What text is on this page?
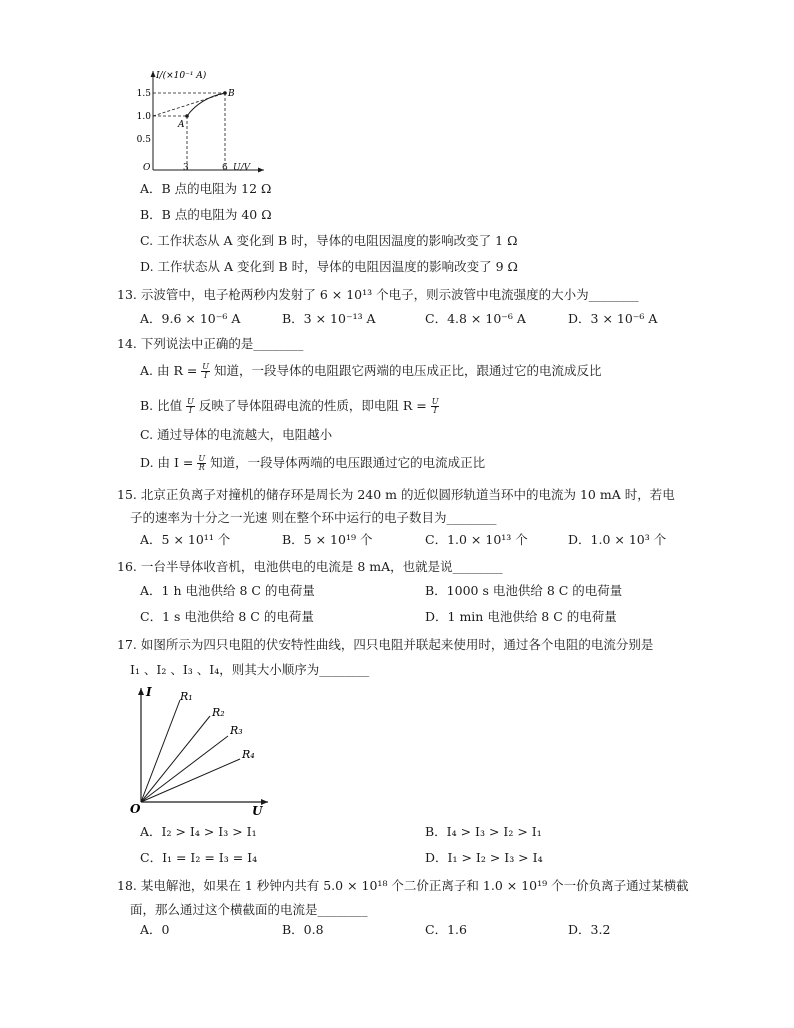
I/(×10⁻¹ A)
1.5
1.0
0.5
O
A
B
3	6 U/V
A．B 点的电阻为 12 Ω
B．B 点的电阻为 40 Ω
C. 工作状态从 A 变化到 B 时，导体的电阻因温度的影响改变了 1 Ω
D. 工作状态从 A 变化到 B 时，导体的电阻因温度的影响改变了 9 Ω
13. 示波管中，电子枪两秒内发射了 6 × 10¹³ 个电子，则示波管中电流强度的大小为________
A．9.6 × 10⁻⁶ A	B．3 × 10⁻¹³ A	C．4.8 × 10⁻⁶ A	D．3 × 10⁻⁶ A
14. 下列说法中正确的是________
A. 由 $R = \frac{U}{I}$ 知道，一段导体的电阻跟它两端的电压成正比，跟通过它的电流成反比
B. 比值 $\frac{U}{I}$ 反映了导体阻碍电流的性质，即电阻 $R = \frac{U}{I}$
C. 通过导体的电流越大，电阻越小
D. 由 $I = \frac{U}{R}$ 知道，一段导体两端的电压跟通过它的电流成正比
15. 北京正负离子对撞机的储存环是周长为 240 m 的近似圆形轨道当环中的电流为 10 mA 时，若电
子的速率为十分之一光速 则在整个环中运行的电子数目为________
A．5 × 10¹¹ 个	B．5 × 10¹⁹ 个	C．1.0 × 10¹³ 个	D．1.0 × 10³ 个
16. 一台半导体收音机，电池供电的电流是 8 mA，也就是说________
A．1 h 电池供给 8 C 的电荷量	B．1000 s 电池供给 8 C 的电荷量
C．1 s 电池供给 8 C 的电荷量	D．1 min 电池供给 8 C 的电荷量
17. 如图所示为四只电阻的伏安特性曲线，四只电阻并联起来使用时，通过各个电阻的电流分别是
I₁ 、I₂ 、I₃ 、I₄，则其大小顺序为________
I
U
O
R₁
R₂
R₃
R₄
A．I₂ > I₄ > I₃ > I₁	B．I₄ > I₃ > I₂ > I₁
C．I₁ = I₂ = I₃ = I₄	D．I₁ > I₂ > I₃ > I₄
18. 某电解池，如果在 1 秒钟内共有 5.0 × 10¹⁸ 个二价正离子和 1.0 × 10¹⁹ 个一价负离子通过某横截
面，那么通过这个横截面的电流是________
A．0	B．0.8	C．1.6	D．3.2
